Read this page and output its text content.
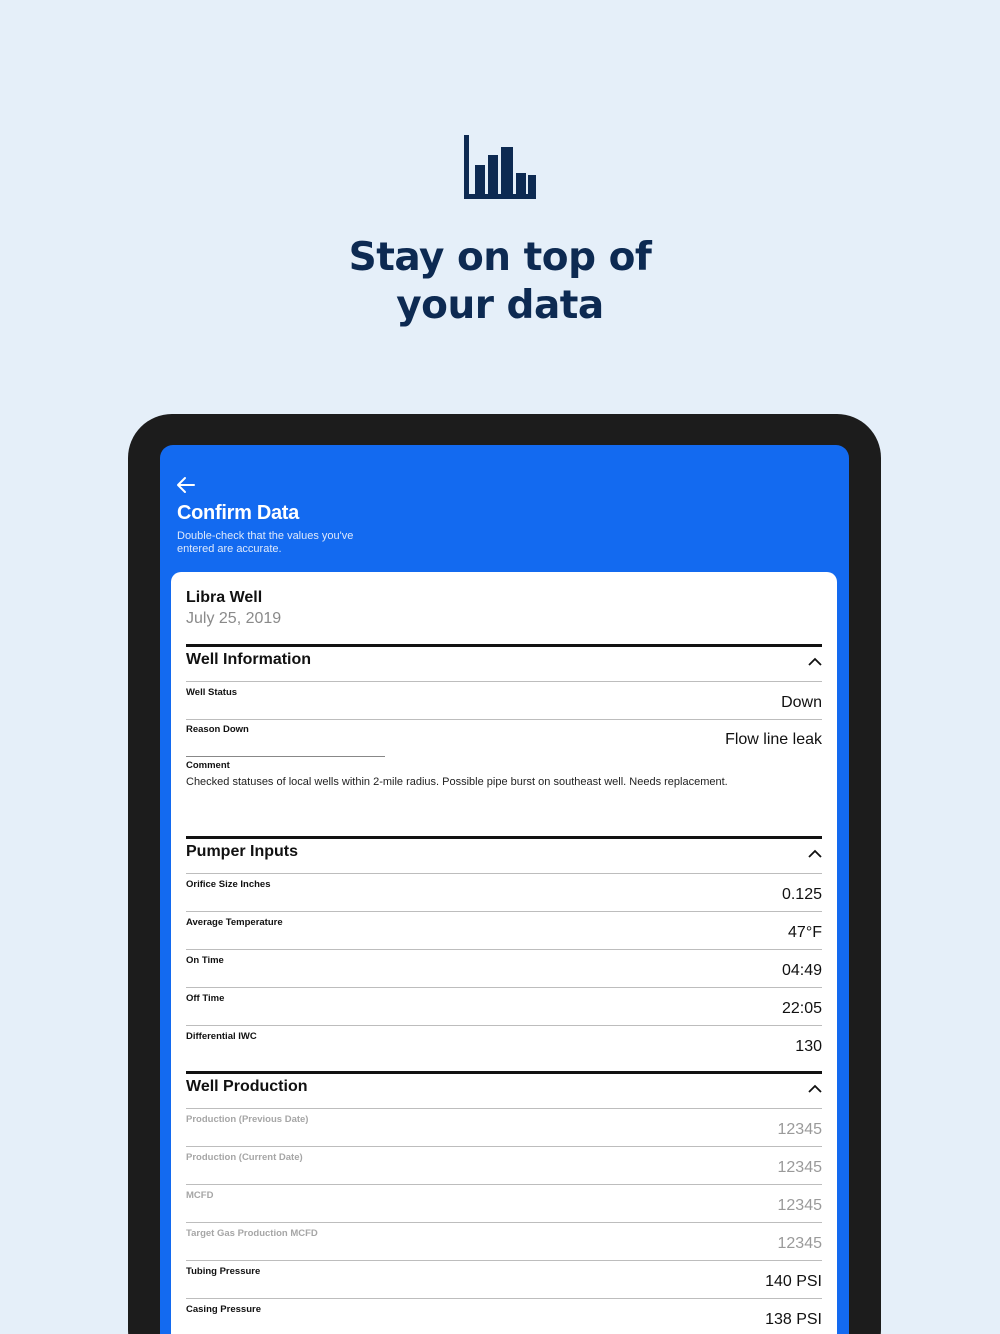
Stay on top of
your data
Confirm Data
Double-check that the values you've entered are accurate.
Libra Well
July 25, 2019
Well Information
Well Status
Down
Reason Down
Flow line leak
Comment
Checked statuses of local wells within 2-mile radius. Possible pipe burst on southeast well. Needs replacement.
Pumper Inputs
Orifice Size Inches
0.125
Average Temperature
47°F
On Time
04:49
Off Time
22:05
Differential IWC
130
Well Production
Production (Previous Date)
12345
Production (Current Date)
12345
MCFD
12345
Target Gas Production MCFD
12345
Tubing Pressure
140 PSI
Casing Pressure
138 PSI
